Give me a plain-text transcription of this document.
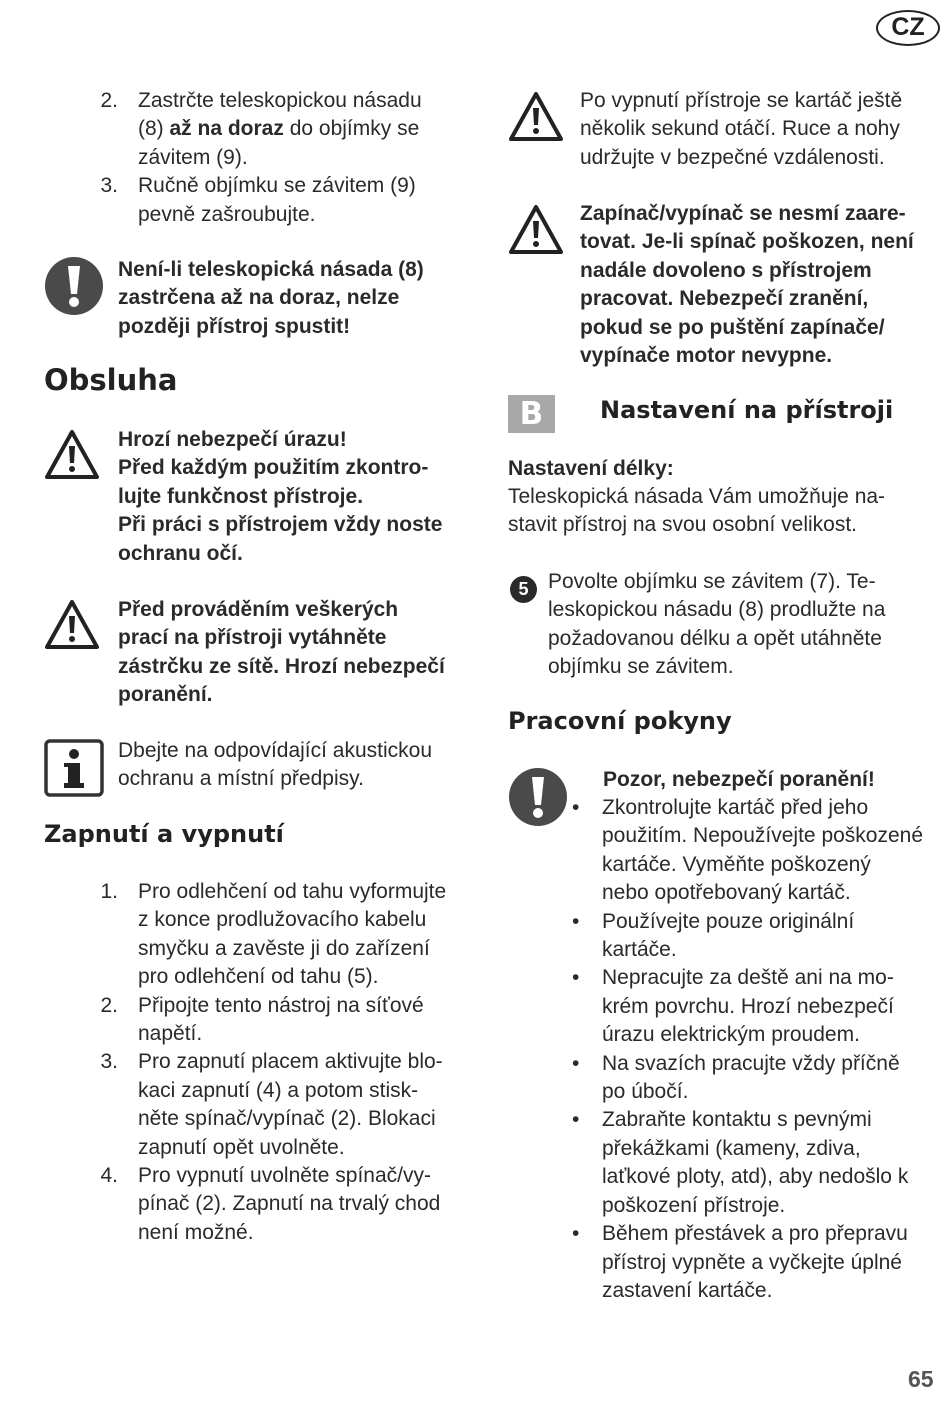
CZ
2. Zastrčte teleskopickou násadu
(8) až na doraz do objímky se
závitem (9).
3. Ručně objímku se závitem (9)
pevně zašroubujte.
Není-li teleskopická násada (8)
zastrčena až na doraz, nelze
později přístroj spustit!
Obsluha
Hrozí nebezpečí úrazu!
Před každým použitím zkontro-
lujte funkčnost přístroje.
Při práci s přístrojem vždy noste
ochranu očí.
Před prováděním veškerých
prací na přístroji vytáhněte
zástrčku ze sítě. Hrozí nebezpečí
poranění.
Dbejte na odpovídající akustickou
ochranu a místní předpisy.
Zapnutí a vypnutí
1. Pro odlehčení od tahu vyformujte
z konce prodlužovacího kabelu
smyčku a zavěste ji do zařízení
pro odlehčení od tahu (5).
2. Připojte tento nástroj na síťové
napětí.
3. Pro zapnutí placem aktivujte blo-
kaci zapnutí (4) a potom stisk-
něte spínač/vypínač (2). Blokaci
zapnutí opět uvolněte.
4. Pro vypnutí uvolněte spínač/vy-
pínač (2). Zapnutí na trvalý chod
není možné.
Po vypnutí přístroje se kartáč ještě
několik sekund otáčí. Ruce a nohy
udržujte v bezpečné vzdálenosti.
Zapínač/vypínač se nesmí zaare-
tovat. Je-li spínač poškozen, není
nadále dovoleno s přístrojem
pracovat. Nebezpečí zranění,
pokud se po puštění zapínače/
vypínače motor nevypne.
B	Nastavení na přístroji
Nastavení délky:
Teleskopická násada Vám umožňuje na-
stavit přístroj na svou osobní velikost.
5 Povolte objímku se závitem (7). Te-
leskopickou násadu (8) prodlužte na
požadovanou délku a opět utáhněte
objímku se závitem.
Pracovní pokyny
Pozor, nebezpečí poranění!
•	Zkontrolujte kartáč před jeho
použitím. Nepoužívejte poškozené
kartáče. Vyměňte poškozený
nebo opotřebovaný kartáč.
•	Používejte pouze originální
kartáče.
•	Nepracujte za deště ani na mo-
krém povrchu. Hrozí nebezpečí
úrazu elektrickým proudem.
•	Na svazích pracujte vždy příčně
po úbočí.
•	Zabraňte kontaktu s pevnými
překážkami (kameny, zdiva,
laťkové ploty, atd), aby nedošlo k
poškození přístroje.
•	Během přestávek a pro přepravu
přístroj vypněte a vyčkejte úplné
zastavení kartáče.
65
